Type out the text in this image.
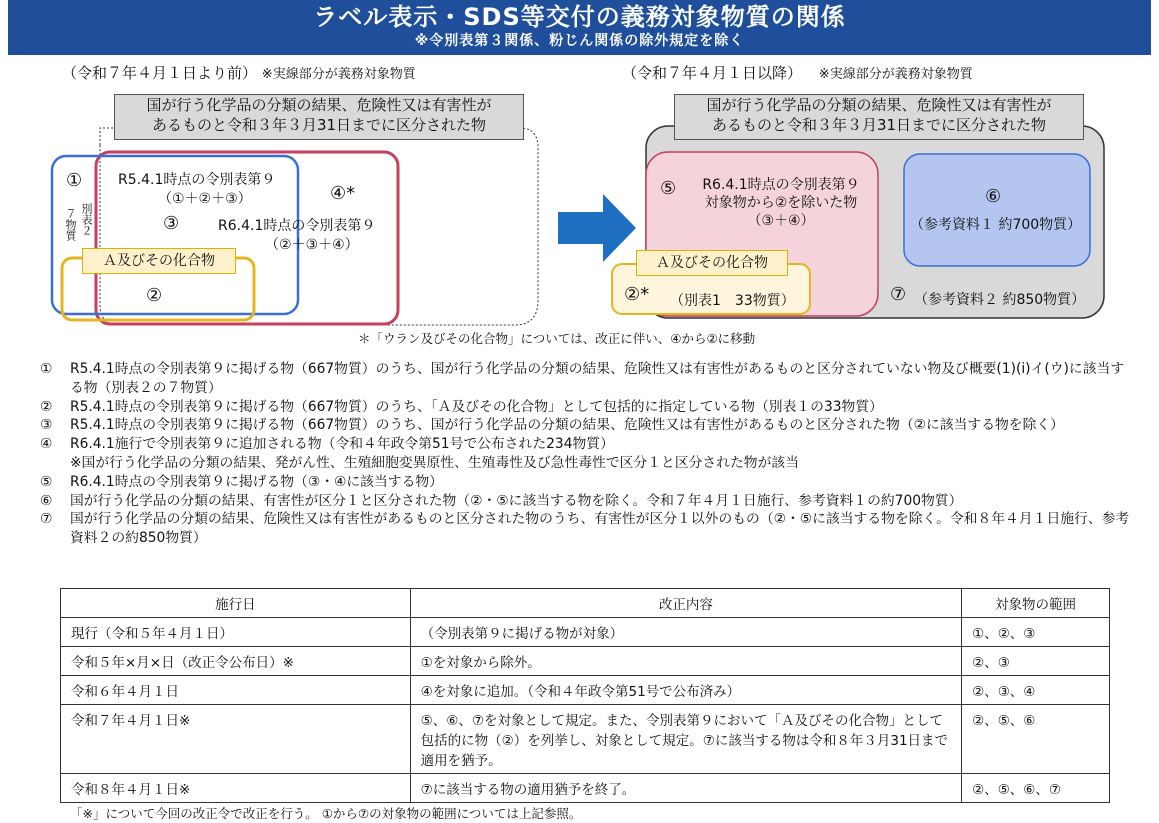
ラベル表示・SDS等交付の義務対象物質の関係
※令別表第３関係、粉じん関係の除外規定を除く
（令和７年４月１日より前） ※実線部分が義務対象物質
国が行う化学品の分類の結果、危険性又は有害性が
あるものと令和３年３月31日までに区分された物
①
別表２
７物質
R5.4.1時点の令別表第９
（①＋②＋③）
③
④*
R6.4.1時点の令別表第９
（②＋③＋④）
Ａ及びその化合物
②
（令和７年４月１日以降） ※実線部分が義務対象物質
国が行う化学品の分類の結果、危険性又は有害性が
あるものと令和３年３月31日までに区分された物
⑤	R6.4.1時点の令別表第９
対象物から②を除いた物
（③＋④）
⑥
（参考資料１ 約700物質）
Ａ及びその化合物
②* （別表1　33物質）	⑦ （参考資料２ 約850物質）
＊「ウラン及びその化合物」については、改正に伴い、④から②に移動
① R5.4.1時点の令別表第９に掲げる物（667物質）のうち、国が行う化学品の分類の結果、危険性又は有害性があるものと区分されていない物及び概要(1)(i)イ(ウ)に該当する物（別表２の７物質）
② R5.4.1時点の令別表第９に掲げる物（667物質）のうち、「Ａ及びその化合物」として包括的に指定している物（別表１の33物質）
③ R5.4.1時点の令別表第９に掲げる物（667物質）のうち、国が行う化学品の分類の結果、危険性又は有害性があるものと区分された物（②に該当する物を除く）
④ R6.4.1施行で令別表第９に追加される物（令和４年政令第51号で公布された234物質）
※国が行う化学品の分類の結果、発がん性、生殖細胞変異原性、生殖毒性及び急性毒性で区分１と区分された物が該当
⑤ R6.4.1時点の令別表第９に掲げる物（③・④に該当する物）
⑥ 国が行う化学品の分類の結果、有害性が区分１と区分された物（②・⑤に該当する物を除く。令和７年４月１日施行、参考資料１の約700物質）
⑦ 国が行う化学品の分類の結果、危険性又は有害性があるものと区分された物のうち、有害性が区分１以外のもの（②・⑤に該当する物を除く。令和８年４月１日施行、参考資料２の約850物質）
施行日	改正内容	対象物の範囲
現行（令和５年４月１日）	（令別表第９に掲げる物が対象）	①、②、③
令和５年×月×日（改正令公布日）※	①を対象から除外。	②、③
令和６年４月１日	④を対象に追加。（令和４年政令第51号で公布済み）	②、③、④
令和７年４月１日※	⑤、⑥、⑦を対象として規定。また、令別表第９において「Ａ及びその化合物」として包括的に物（②）を列挙し、対象として規定。⑦に該当する物は令和８年３月31日まで適用を猶予。	②、⑤、⑥
令和８年４月１日※	⑦に該当する物の適用猶予を終了。	②、⑤、⑥、⑦
「※」について今回の改正令で改正を行う。 ①から⑦の対象物の範囲については上記参照。
